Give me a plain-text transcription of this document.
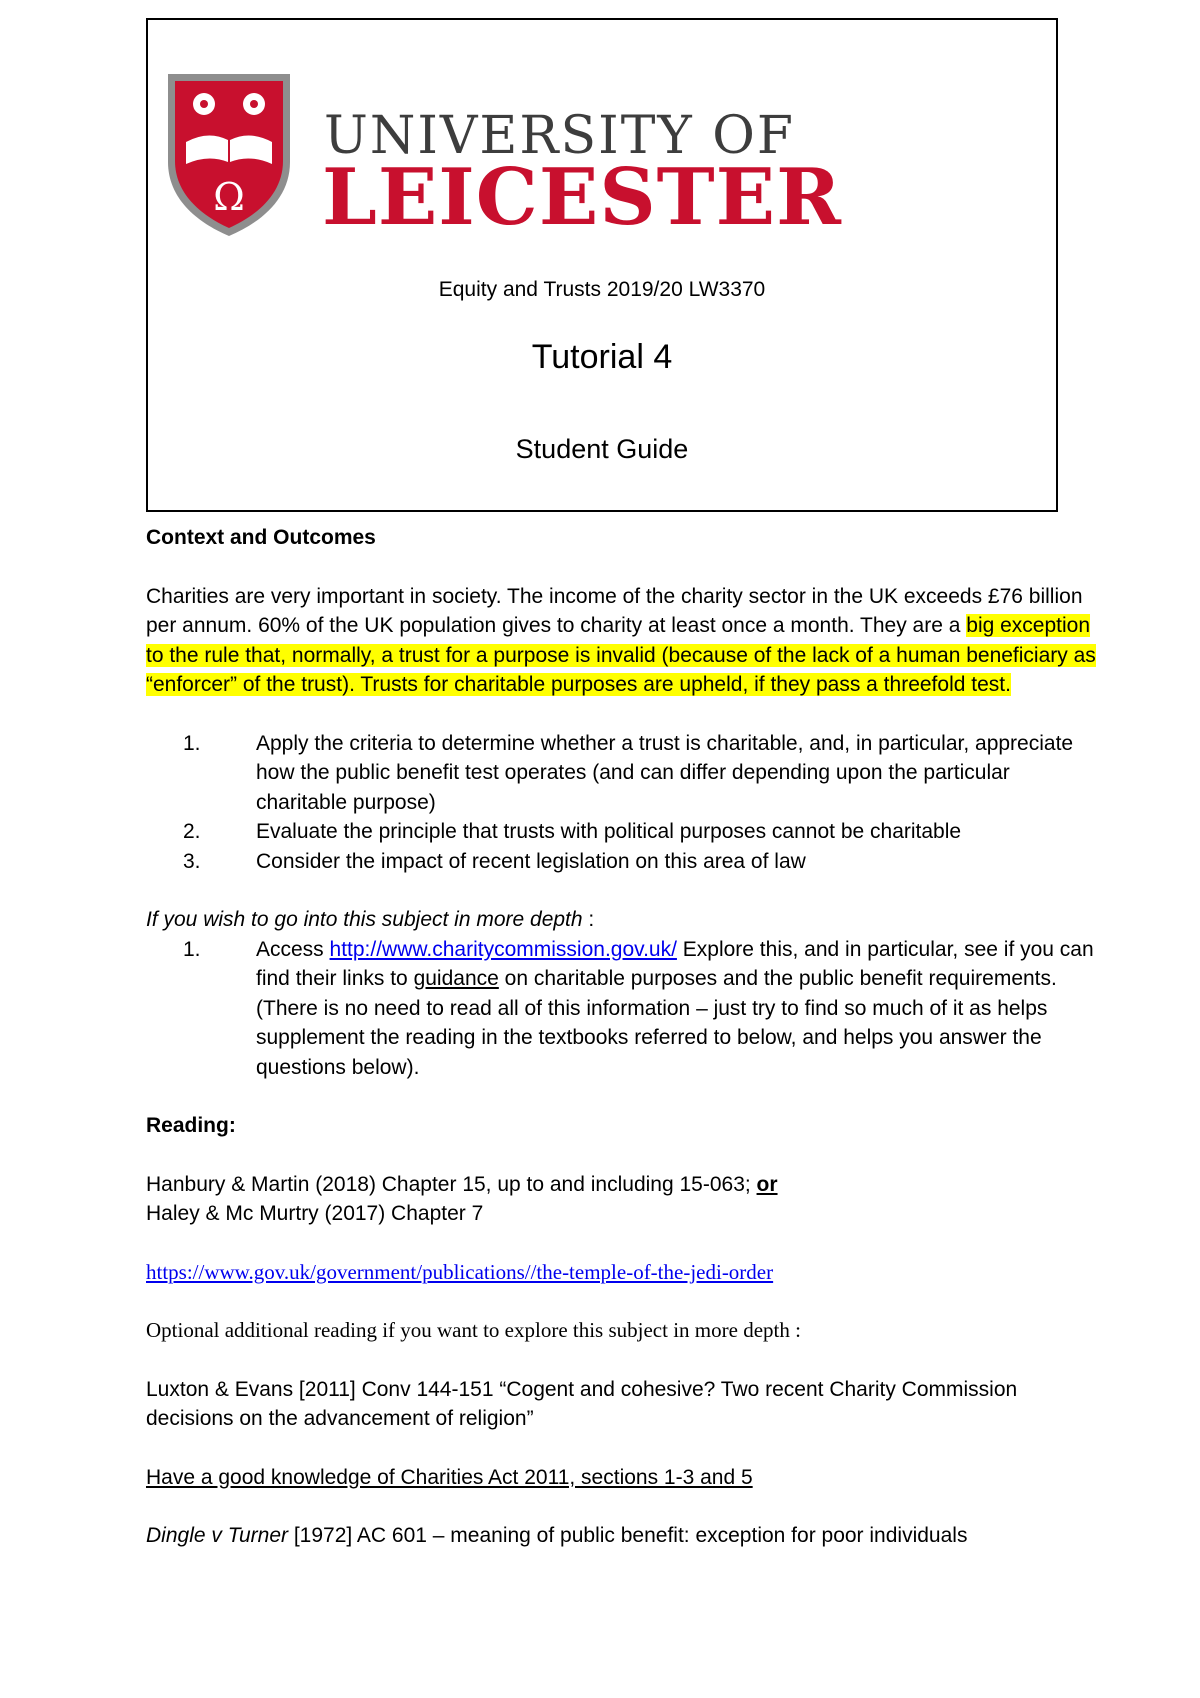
Ω
UNIVERSITY OF
LEICESTER
Equity and Trusts 2019/20 LW3370
Tutorial 4
Student Guide

Context and Outcomes

Charities are very important in society. The income of the charity sector in the UK exceeds £76 billion per annum. 60% of the UK population gives to charity at least once a month. They are a big exception to the rule that, normally, a trust for a purpose is invalid (because of the lack of a human beneficiary as “enforcer” of the trust). Trusts for charitable purposes are upheld, if they pass a threefold test.

1.	Apply the criteria to determine whether a trust is charitable, and, in particular, appreciate how the public benefit test operates (and can differ depending upon the particular charitable purpose)
2.	Evaluate the principle that trusts with political purposes cannot be charitable
3.	Consider the impact of recent legislation on this area of law

If you wish to go into this subject in more depth :

1.	Access http://www.charitycommission.gov.uk/ Explore this, and in particular, see if you can find their links to guidance on charitable purposes and the public benefit requirements. (There is no need to read all of this information – just try to find so much of it as helps supplement the reading in the textbooks referred to below, and helps you answer the questions below).

Reading:

Hanbury & Martin (2018) Chapter 15, up to and including 15-063; or

Haley & Mc Murtry (2017) Chapter 7

https://www.gov.uk/government/publications//the-temple-of-the-jedi-order

Optional additional reading if you want to explore this subject in more depth :

Luxton & Evans [2011] Conv 144-151 “Cogent and cohesive? Two recent Charity Commission decisions on the advancement of religion”

Have a good knowledge of Charities Act 2011, sections 1-3 and 5

Dingle v Turner [1972] AC 601 – meaning of public benefit: exception for poor individuals
